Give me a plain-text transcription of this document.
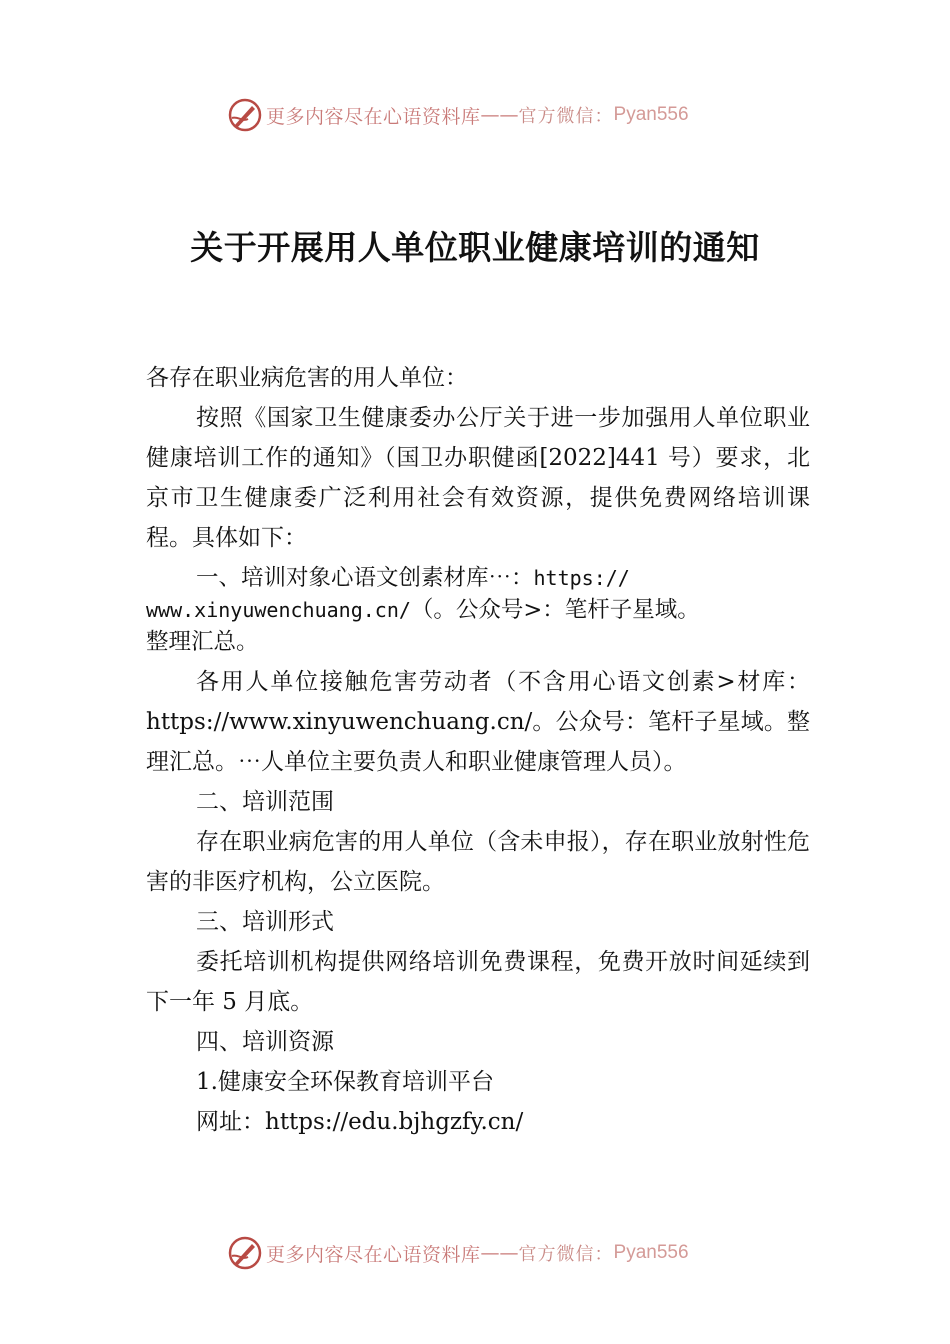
更多内容尽在心语资料库 —— 官方微信： Pyan556
关于开展用人单位职业健康培训的通知

各存在职业病危害的用人单位：

按照《国家卫生健康委办公厅关于进一步加强用人单位职业健康培训工作的通知》（国卫办职健函[2022]441 号）要求，北京市卫生健康委广泛利用社会有效资源，提供免费网络培训课程。具体如下：

一、培训对象心语文创素材库⋯：https://
www.xinyuwenchuang.cn/（。公众号>：笔杆子星域。
整理汇总。

各用人单位接触危害劳动者（不含用心语文创素>材库：https://www.xinyuwenchuang.cn/。公众号：笔杆子星域。整理汇总。⋯人单位主要负责人和职业健康管理人员）。

二、培训范围

存在职业病危害的用人单位（含未申报），存在职业放射性危害的非医疗机构，公立医院。

三、培训形式

委托培训机构提供网络培训免费课程，免费开放时间延续到下一年 5 月底。

四、培训资源

1.健康安全环保教育培训平台

网址：https://edu.bjhgzfy.cn/

更多内容尽在心语资料库 —— 官方微信： Pyan556
